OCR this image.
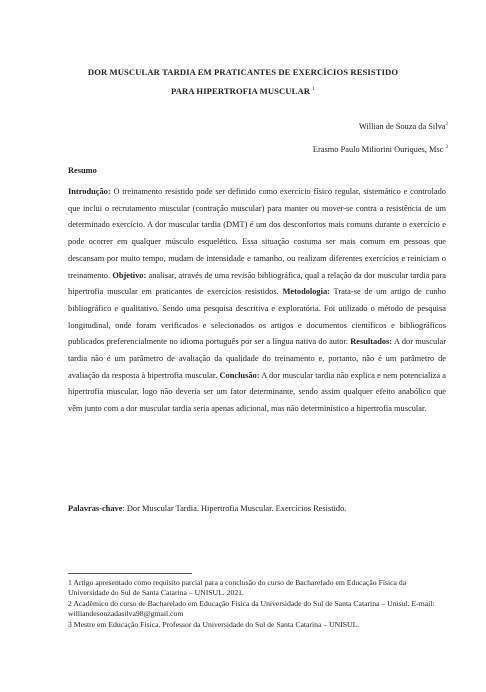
DOR MUSCULAR TARDIA EM PRATICANTES DE EXERCÍCIOS RESISTIDO
PARA HIPERTROFIA MUSCULAR $^1$
Willian de Souza da Silva$^2$
Erasmo Paulo Miliorini Ouriques, Msc $^3$
Resumo
Introdução: O treinamento resistido pode ser definido como exercício físico regular, sistemático e controlado que inclui o recrutamento muscular (contração muscular) para manter ou mover-se contra a resistência de um determinado exercício. A dor muscular tardia (DMT) é um dos desconfortos mais comuns durante o exercício e pode ocorrer em qualquer músculo esquelético. Essa situação costuma ser mais comum em pessoas que descansam por muito tempo, mudam de intensidade e tamanho, ou realizam diferentes exercícios e reiniciam o treinamento. Objetivo: analisar, através de uma revisão bibliográfica, qual a relação da dor muscular tardia para hipertrofia muscular em praticantes de exercícios resistidos. Metodologia: Trata-se de um artigo de cunho bibliográfico e qualitativo. Sendo uma pesquisa descritiva e exploratória. Foi utilizado o método de pesquisa longitudinal, onde foram verificados e selecionados os artigos e documentos científicos e bibliográficos publicados preferencialmente no idioma português por ser a língua nativa do autor. Resultados: A dor muscular tardia não é um parâmetro de avaliação da qualidade do treinamento e, portanto, não é um parâmetro de avaliação da resposta à hipertrofia muscular. Conclusão: A dor muscular tardia não explica e nem potencializa a hipertrofia muscular, logo não deveria ser um fator determinante, sendo assim qualquer efeito anabólico que vêm junto com a dor muscular tardia seria apenas adicional, mas não determinístico a hipertrofia muscular.
Palavras-chave: Dor Muscular Tardia. Hipertrofia Muscular. Exercícios Resistido.

1 Artigo apresentado como requisito parcial para a conclusão do curso de Bacharelado em Educação Física da Universidade do Sul de Santa Catarina – UNISUL. 2021.

2 Acadêmico do curso de Bacharelado em Educação Física da Universidade do Sul de Santa Catarina – Unisul. E-mail: williandesouzadasilva98@gmail.com

3 Mestre em Educação Física. Professor da Universidade do Sul de Santa Catarina – UNISUL.
